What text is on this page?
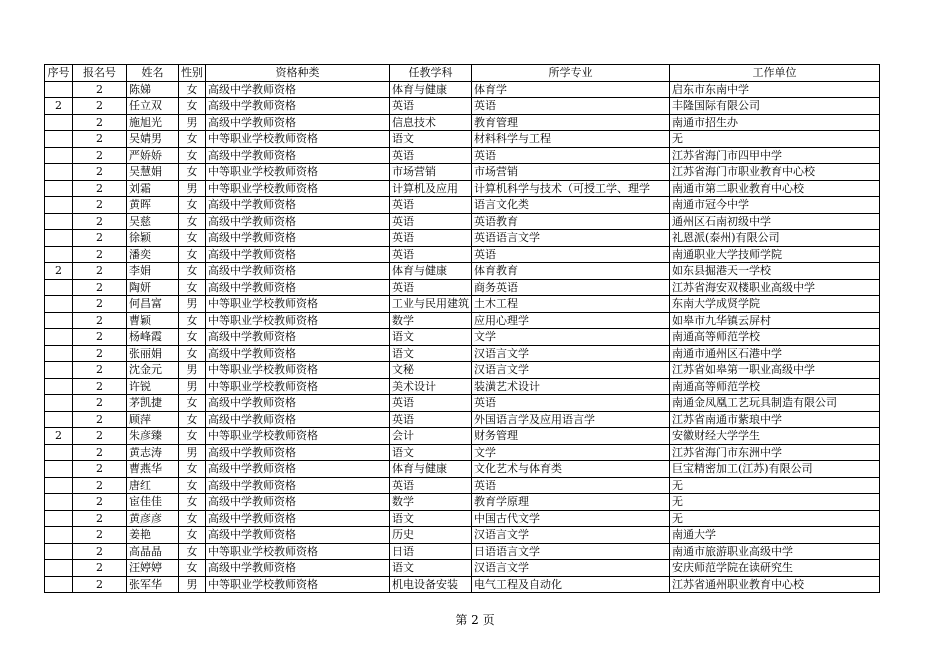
序号	报名号	姓名	性别	资格种类	任教学科	所学专业	工作单位
	2	陈娣	女	高级中学教师资格	体育与健康	体育学	启东市东南中学
2	2	任立双	女	高级中学教师资格	英语	英语	丰隆国际有限公司
	2	施旭光	男	高级中学教师资格	信息技术	教育管理	南通市招生办
	2	吴婧男	女	中等职业学校教师资格	语文	材料科学与工程	无
	2	严娇娇	女	高级中学教师资格	英语	英语	江苏省海门市四甲中学
	2	吴慧娟	女	中等职业学校教师资格	市场营销	市场营销	江苏省海门市职业教育中心校
	2	刘霜	男	中等职业学校教师资格	计算机及应用	计算机科学与技术（可授工学、理学	南通市第二职业教育中心校
	2	黄晖	女	高级中学教师资格	英语	语言文化类	南通市冠今中学
	2	吴慈	女	高级中学教师资格	英语	英语教育	通州区石南初级中学
	2	徐颖	女	高级中学教师资格	英语	英语语言文学	礼恩派(泰州)有限公司
	2	潘奕	女	高级中学教师资格	英语	英语	南通职业大学技师学院
2	2	李娟	女	高级中学教师资格	体育与健康	体育教育	如东县掘港天一学校
	2	陶妍	女	高级中学教师资格	英语	商务英语	江苏省海安双楼职业高级中学
	2	何昌富	男	中等职业学校教师资格	工业与民用建筑	土木工程	东南大学成贤学院
	2	曹颖	女	中等职业学校教师资格	数学	应用心理学	如皋市九华镇云屏村
	2	杨峰霞	女	高级中学教师资格	语文	文学	南通高等师范学校
	2	张丽娟	女	高级中学教师资格	语文	汉语言文学	南通市通州区石港中学
	2	沈金元	男	中等职业学校教师资格	文秘	汉语言文学	江苏省如皋第一职业高级中学
	2	许锐	男	中等职业学校教师资格	美术设计	装潢艺术设计	南通高等师范学校
	2	茅凯捷	女	高级中学教师资格	英语	英语	南通金凤凰工艺玩具制造有限公司
	2	顾萍	女	高级中学教师资格	英语	外国语言学及应用语言学	江苏省南通市紫琅中学
2	2	朱彦臻	女	中等职业学校教师资格	会计	财务管理	安徽财经大学学生
	2	黄志涛	男	高级中学教师资格	语文	文学	江苏省海门市东洲中学
	2	曹燕华	女	高级中学教师资格	体育与健康	文化艺术与体育类	巨宝精密加工(江苏)有限公司
	2	唐红	女	高级中学教师资格	英语	英语	无
	2	宦佳佳	女	高级中学教师资格	数学	教育学原理	无
	2	黄彦彦	女	高级中学教师资格	语文	中国古代文学	无
	2	姜艳	女	高级中学教师资格	历史	汉语言文学	南通大学
	2	高晶晶	女	中等职业学校教师资格	日语	日语语言文学	南通市旅游职业高级中学
	2	汪婷婷	女	高级中学教师资格	语文	汉语言文学	安庆师范学院在读研究生
	2	张军华	男	中等职业学校教师资格	机电设备安装	电气工程及自动化	江苏省通州职业教育中心校
第 2 页
